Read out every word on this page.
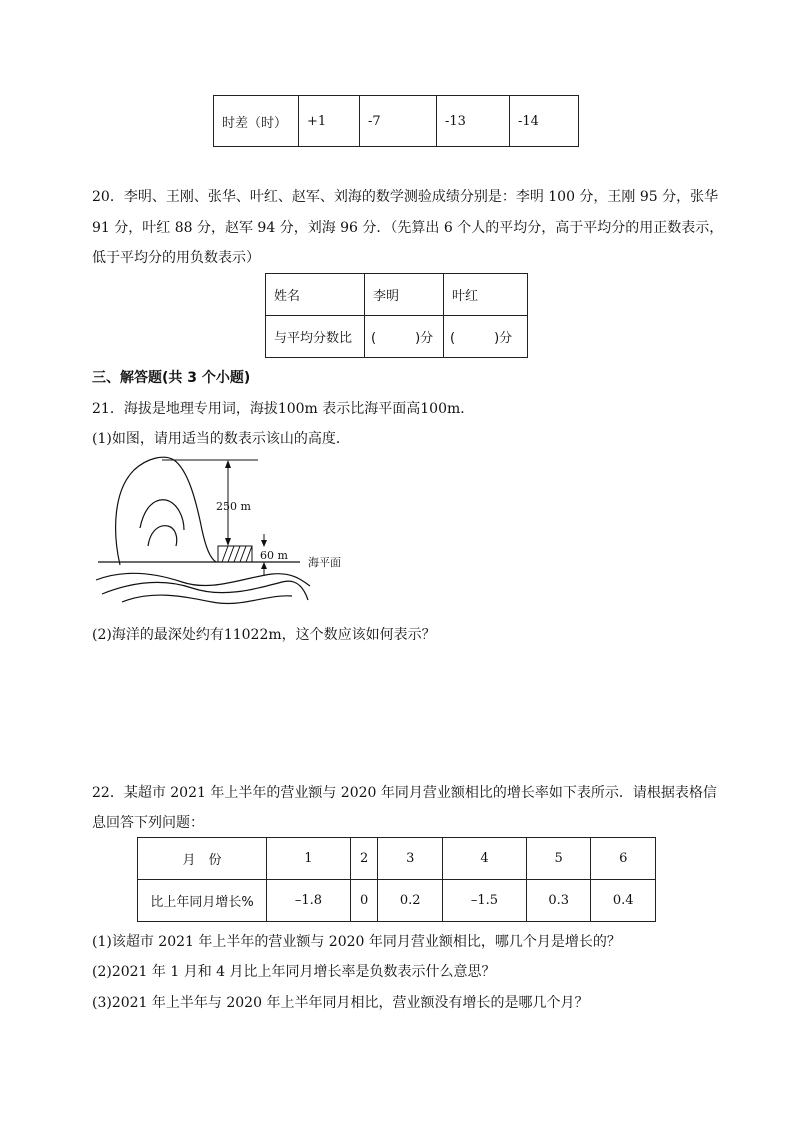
时差（时）	+1	-7	-13	-14
20．李明、王刚、张华、叶红、赵军、刘海的数学测验成绩分别是：李明 100 分，王刚 95 分，张华
91 分，叶红 88 分，赵军 94 分，刘海 96 分．（先算出 6 个人的平均分，高于平均分的用正数表示，
低于平均分的用负数表示）
姓名	李明	叶红
与平均分数比	(　　　)分	(　　　)分
三、解答题(共 3 个小题)
21．海拔是地理专用词，海拔100m 表示比海平面高100m．
(1)如图，请用适当的数表示该山的高度．
250 m
60 m
海平面
(2)海洋的最深处约有11022m，这个数应该如何表示？
22．某超市 2021 年上半年的营业额与 2020 年同月营业额相比的增长率如下表所示．请根据表格信
息回答下列问题：
月　份	1	2	3	4	5	6
比上年同月增长%	–1.8	0	0.2	–1.5	0.3	0.4
(1)该超市 2021 年上半年的营业额与 2020 年同月营业额相比，哪几个月是增长的？
(2)2021 年 1 月和 4 月比上年同月增长率是负数表示什么意思？
(3)2021 年上半年与 2020 年上半年同月相比，营业额没有增长的是哪几个月？
